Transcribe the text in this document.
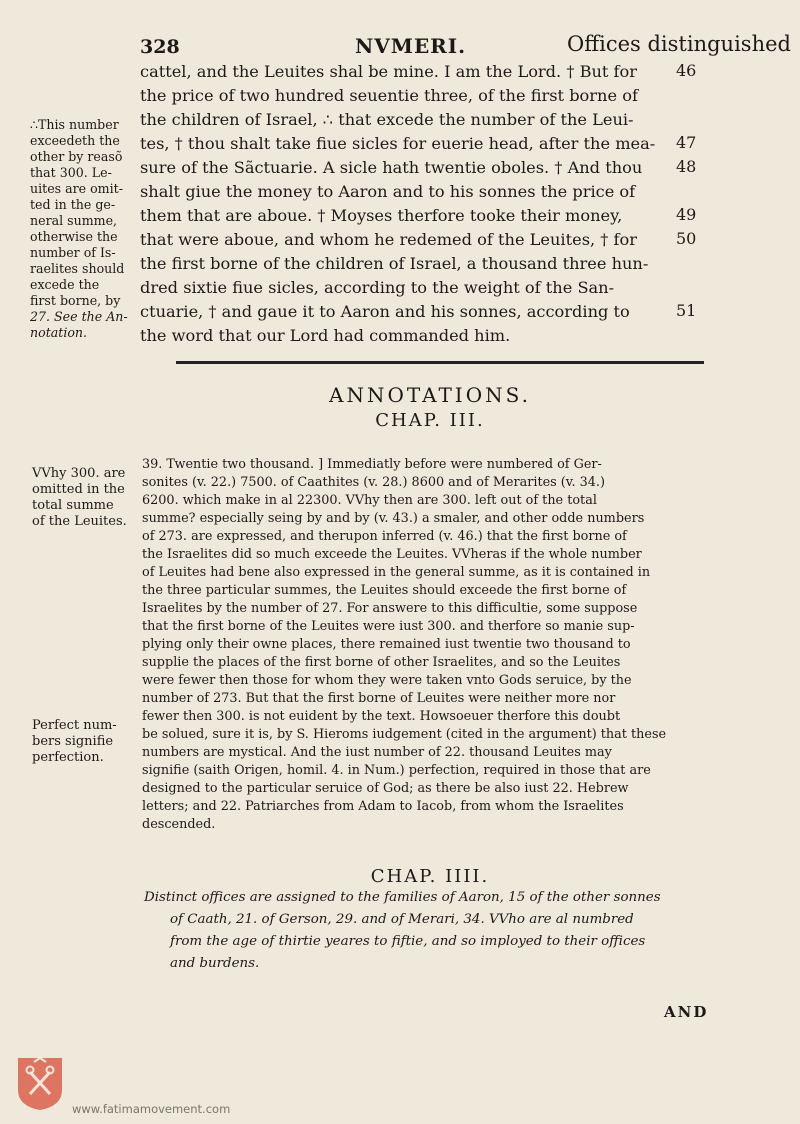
328	NVMERI.	Offices distinguished
cattel, and the Leuites shal be mine. I am the Lord. † But for
the price of two hundred seuentie three, of the first borne of
the children of Israel, ∴ that excede the number of the Leui-
tes, † thou shalt take fiue sicles for euerie head, after the mea-
sure of the Sãctuarie. A sicle hath twentie oboles. † And thou
shalt giue the money to Aaron and to his sonnes the price of
them that are aboue. † Moyses therfore tooke their money,
that were aboue, and whom he redemed of the Leuites, † for
the first borne of the children of Israel, a thousand three hun-
dred sixtie fiue sicles, according to the weight of the San-
ctuarie, † and gaue it to Aaron and his sonnes, according to
the word that our Lord had commanded him.
46
47
48
49
50
51
∴This number
exceedeth the
other by reasõ
that 300. Le-
uites are omit-
ted in the ge-
neral summe,
otherwise the
number of Is-
raelites should
excede the
first borne, by
27. See the An-
notation.
ANNOTATIONS.
CHAP. III.
VVhy 300. are
omitted in the
total summe
of the Leuites.
Perfect num-
bers signifie
perfection.
39. Twentie two thousand. ] Immediatly before were numbered of Ger-
sonites (v. 22.) 7500. of Caathites (v. 28.) 8600 and of Merarites (v. 34.)
6200. which make in al 22300. VVhy then are 300. left out of the total
summe? especially seing by and by (v. 43.) a smaler, and other odde numbers
of 273. are expressed, and therupon inferred (v. 46.) that the first borne of
the Israelites did so much exceede the Leuites. VVheras if the whole number
of Leuites had bene also expressed in the general summe, as it is contained in
the three particular summes, the Leuites should exceede the first borne of
Israelites by the number of 27. For answere to this difficultie, some suppose
that the first borne of the Leuites were iust 300. and therfore so manie sup-
plying only their owne places, there remained iust twentie two thousand to
supplie the places of the first borne of other Israelites, and so the Leuites
were fewer then those for whom they were taken vnto Gods seruice, by the
number of 273. But that the first borne of Leuites were neither more nor
fewer then 300. is not euident by the text. Howsoeuer therfore this doubt
be solued, sure it is, by S. Hieroms iudgement (cited in the argument) that these
numbers are mystical. And the iust number of 22. thousand Leuites may
signifie (saith Origen, homil. 4. in Num.) perfection, required in those that are
designed to the particular seruice of God; as there be also iust 22. Hebrew
letters; and 22. Patriarches from Adam to Iacob, from whom the Israelites
descended.
CHAP. IIII.
Distinct offices are assigned to the families of Aaron, 15 of the other sonnes
of Caath, 21. of Gerson, 29. and of Merari, 34. VVho are al numbred
from the age of thirtie yeares to fiftie, and so imployed to their offices
and burdens.
AND
www.fatimamovement.com
